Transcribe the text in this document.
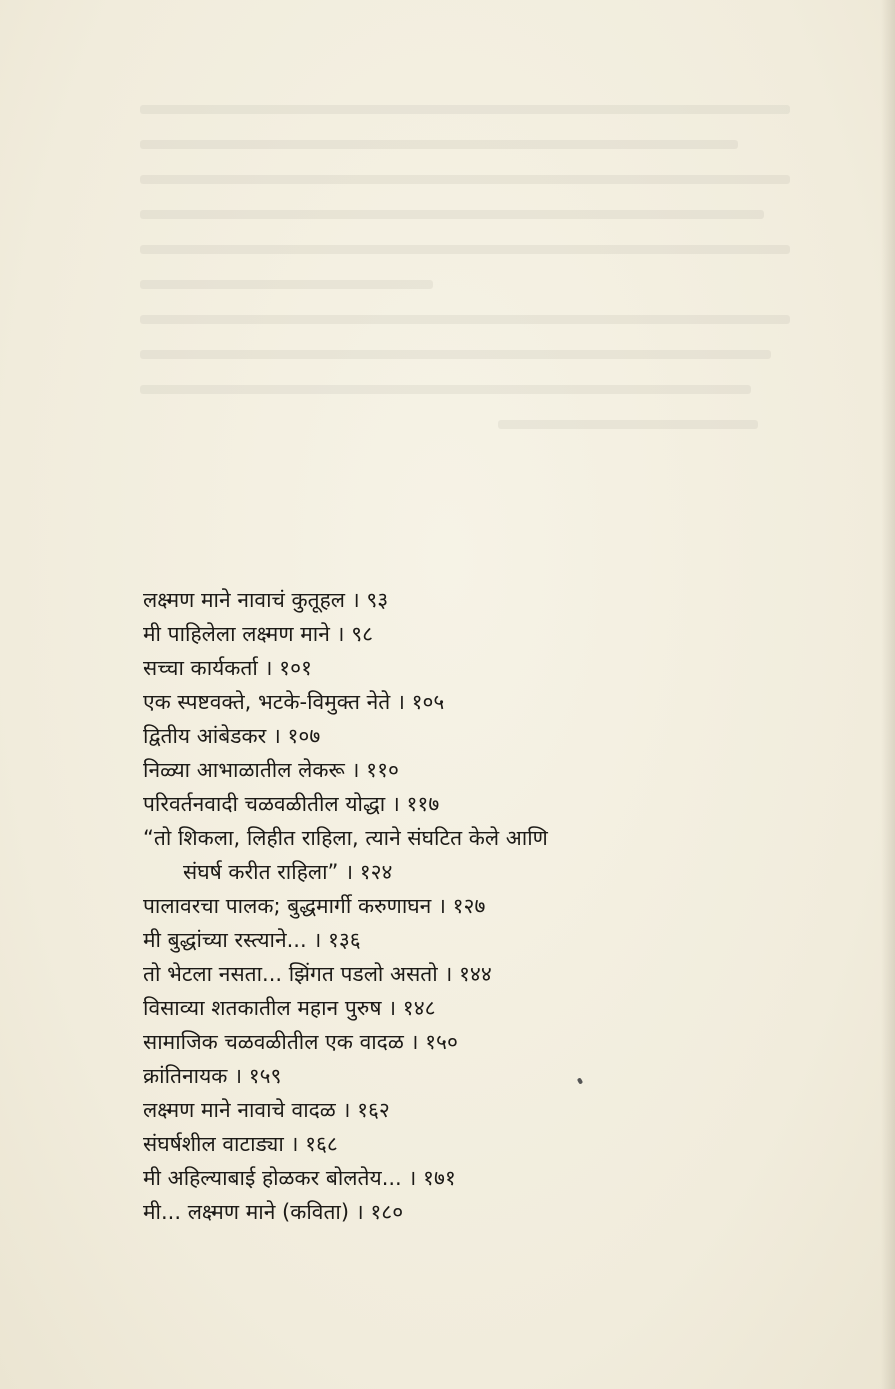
लक्ष्मण माने नावाचं कुतूहल । ९३
मी पाहिलेला लक्ष्मण माने । ९८
सच्चा कार्यकर्ता । १०१
एक स्पष्टवक्ते, भटके-विमुक्त नेते । १०५
द्वितीय आंबेडकर । १०७
निळ्या आभाळातील लेकरू । ११०
परिवर्तनवादी चळवळीतील योद्धा । ११७
“तो शिकला, लिहीत राहिला, त्याने संघटित केले आणि
संघर्ष करीत राहिला” । १२४
पालावरचा पालक; बुद्धमार्गी करुणाघन । १२७
मी बुद्धांच्या रस्त्याने... । १३६
तो भेटला नसता... झिंगत पडलो असतो । १४४
विसाव्या शतकातील महान पुरुष । १४८
सामाजिक चळवळीतील एक वादळ । १५०
क्रांतिनायक । १५९
लक्ष्मण माने नावाचे वादळ । १६२
संघर्षशील वाटाड्या । १६८
मी अहिल्याबाई होळकर बोलतेय... । १७१
मी... लक्ष्मण माने (कविता) । १८०
